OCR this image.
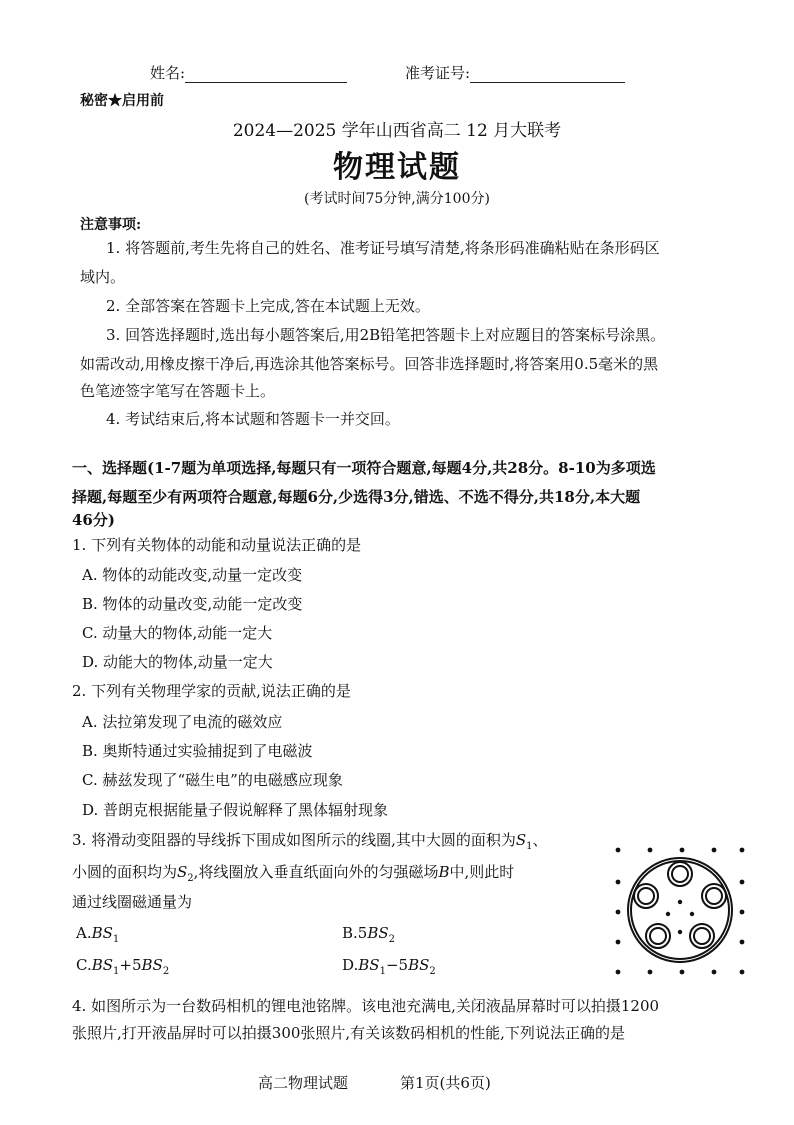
姓名:	准考证号:
秘密★启用前
2024—2025 学年山西省高二 12 月大联考
物理试题
(考试时间75分钟,满分100分)
注意事项:
1. 将答题前,考生先将自己的姓名、准考证号填写清楚,将条形码准确粘贴在条形码区
域内。
2. 全部答案在答题卡上完成,答在本试题上无效。
3. 回答选择题时,选出每小题答案后,用2B铅笔把答题卡上对应题目的答案标号涂黑。
如需改动,用橡皮擦干净后,再选涂其他答案标号。回答非选择题时,将答案用0.5毫米的黑
色笔迹签字笔写在答题卡上。
4. 考试结束后,将本试题和答题卡一并交回。
一、选择题(1-7题为单项选择,每题只有一项符合题意,每题4分,共28分。8-10为多项选
择题,每题至少有两项符合题意,每题6分,少选得3分,错选、不选不得分,共18分,本大题
46分)
1. 下列有关物体的动能和动量说法正确的是
A. 物体的动能改变,动量一定改变
B. 物体的动量改变,动能一定改变
C. 动量大的物体,动能一定大
D. 动能大的物体,动量一定大
2. 下列有关物理学家的贡献,说法正确的是
A. 法拉第发现了电流的磁效应
B. 奥斯特通过实验捕捉到了电磁波
C. 赫兹发现了“磁生电”的电磁感应现象
D. 普朗克根据能量子假说解释了黑体辐射现象
3. 将滑动变阻器的导线拆下围成如图所示的线圈,其中大圆的面积为$S_1$、
小圆的面积均为$S_2$,将线圈放入垂直纸面向外的匀强磁场B中,则此时
通过线圈磁通量为
$A.BS_1$	$B.5BS_2$
$C.BS_1+5BS_2$	$D.BS_1-5BS_2$
4. 如图所示为一台数码相机的锂电池铭牌。该电池充满电,关闭液晶屏幕时可以拍摄1200
张照片,打开液晶屏时可以拍摄300张照片,有关该数码相机的性能,下列说法正确的是
高二物理试题	第1页(共6页)
